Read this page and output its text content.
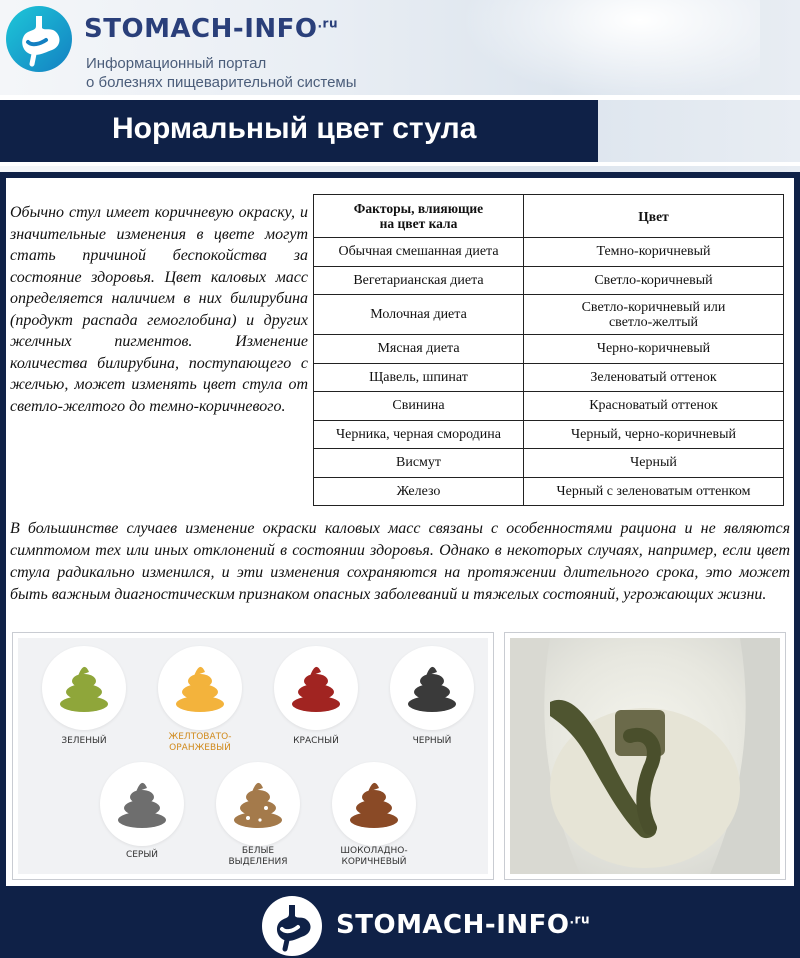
STOMACH-$INFO^{.ru}$
Информационный портал
о болезнях пищеварительной системы
Нормальный цвет стула

Обычно стул имеет коричневую окраску, и значительные изменения в цвете могут стать причиной беспокойства за состояние здоровья. Цвет каловых масс определяется наличием в них билирубина (продукт распада гемоглобина) и других желчных пигментов. Изменение количества билирубина, поступающего с желчью, может изменять цвет стула от светло-желтого до темно-коричневого.

Факторы, влияющие
на цвет кала	Цвет
Обычная смешанная диета	Темно-коричневый
Вегетарианская диета	Светло-коричневый
Молочная диета	Светло-коричневый или
светло-желтый

Мясная диета	Черно-коричневый
Щавель, шпинат	Зеленоватый оттенок
Свинина	Красноватый оттенок
Черника, черная смородина	Черный, черно-коричневый
Висмут	Черный
Железо	Черный с зеленоватым оттенком

В большинстве случаев изменение окраски каловых масс связаны с особенностями рациона и не являются симптомом тех или иных отклонений в состоянии здоровья. Однако в некоторых случаях, например, если цвет стула радикально изменился, и эти изменения сохраняются на протяжении длительного срока, это может быть важным диагностическим признаком опасных заболеваний и тяжелых состояний, угрожающих жизни.

ЗЕЛЕНЫЙ	ЖЕЛТОВАТО-
ОРАНЖЕВЫЙ
КРАСНЫЙ	ЧЕРНЫЙ
СЕРЫЙ	БЕЛЫЕ
ВЫДЕЛЕНИЯ
ШОКОЛАДНО-
КОРИЧНЕВЫЙ
STOMACH-$INFO^{.ru}$
